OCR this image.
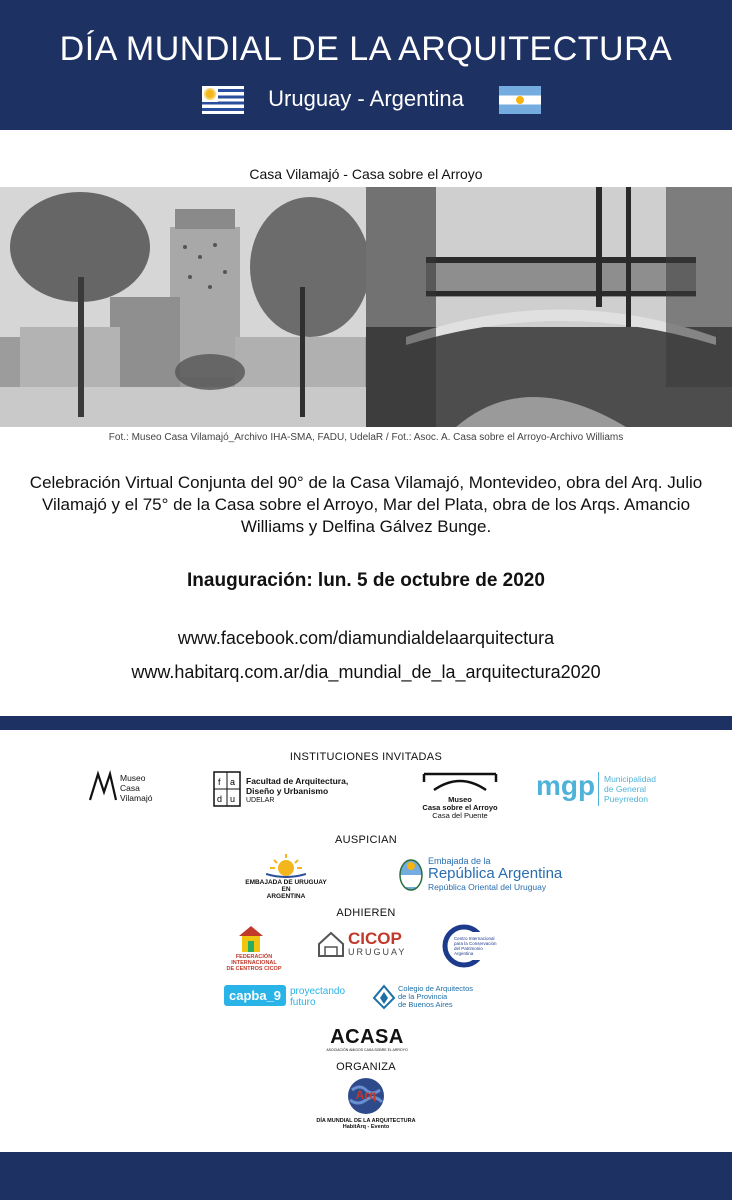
DÍA MUNDIAL DE LA ARQUITECTURA
Uruguay - Argentina
Casa Vilamajó - Casa sobre el Arroyo
Fot.: Museo Casa Vilamajó_Archivo IHA-SMA, FADU, UdelaR / Fot.: Asoc. A. Casa sobre el Arroyo-Archivo Williams
Celebración Virtual Conjunta del 90° de la Casa Vilamajó, Montevideo, obra del Arq. Julio Vilamajó y el 75° de la Casa sobre el Arroyo, Mar del Plata, obra de los Arqs. Amancio Williams y Delfina Gálvez Bunge.
Inauguración: lun. 5 de octubre de 2020
www.facebook.com/diamundialdelaarquitectura
www.habitarq.com.ar/dia_mundial_de_la_arquitectura2020
INSTITUCIONES INVITADAS
Museo
Casa
Vilamajó
f a
d u
Facultad de Arquitectura,
Diseño y Urbanismo
UDELAR	Museo
Casa sobre el Arroyo
Casa del Puente
mgp Municipalidad
de General
Pueyrredon
AUSPICIAN
EMBAJADA DE URUGUAY
EN
ARGENTINA
Embajada de la
República Argentina
República Oriental del Uruguay
ADHIEREN
FEDERACIÓN INTERNACIONAL
DE CENTROS CICOP
CICOP
URUGUAY
Centro Internacional
para la Conservación
del Patrimonio
Argentina
capba_9 proyectando
futuro
Colegio de Arquitectos
de la Provincia
de Buenos Aires
ACASA
ASOCIACIÓN AMIGOS CASA SOBRE EL ARROYO
ORGANIZA
Arq
DÍA MUNDIAL DE LA ARQUITECTURA
HabitArq - Evento
